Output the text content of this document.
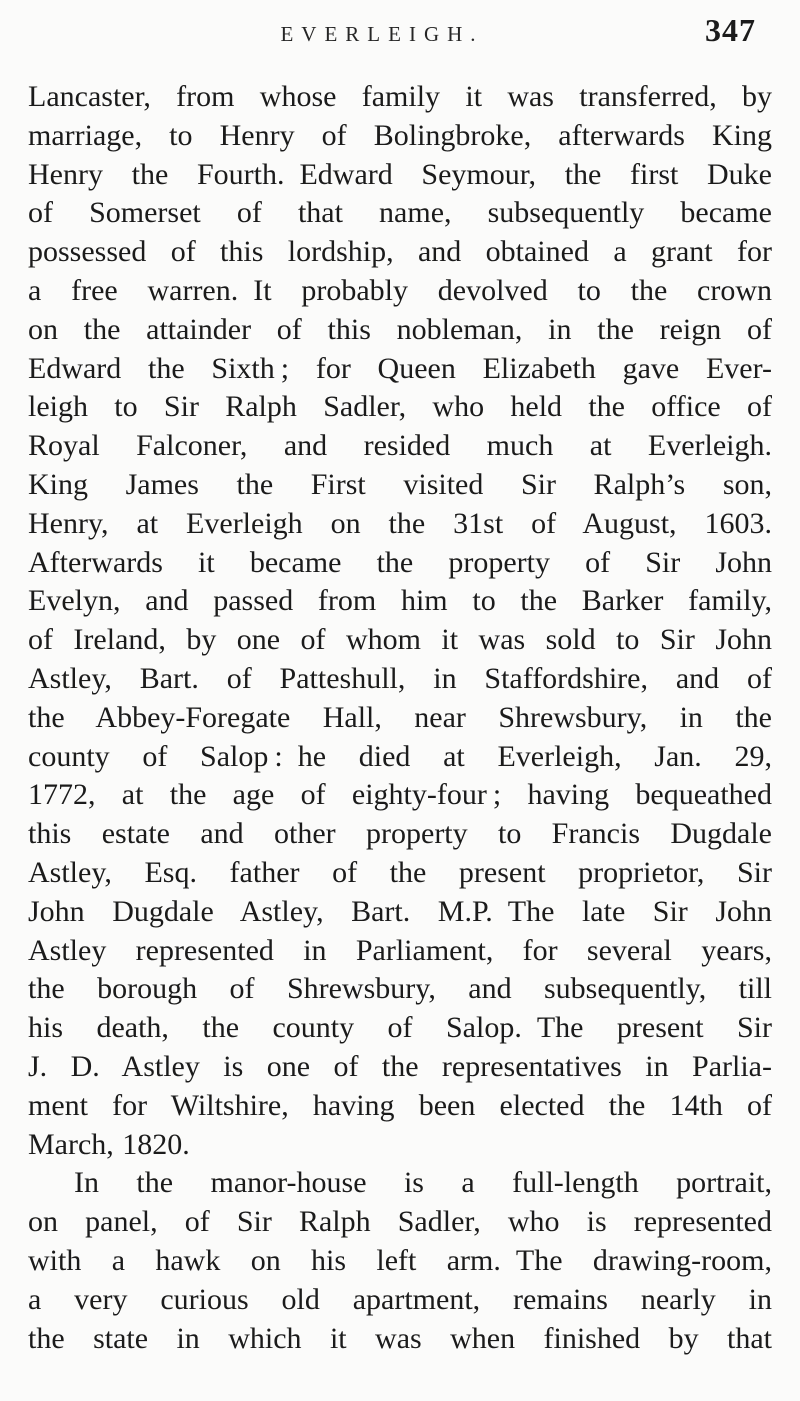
EVERLEIGH.	347
Lancaster, from whose family it was transferred, by
marriage, to Henry of Bolingbroke, afterwards King
Henry the Fourth. Edward Seymour, the first Duke
of Somerset of that name, subsequently became
possessed of this lordship, and obtained a grant for
a free warren. It probably devolved to the crown
on the attainder of this nobleman, in the reign of
Edward the Sixth ; for Queen Elizabeth gave Ever-
leigh to Sir Ralph Sadler, who held the office of
Royal Falconer, and resided much at Everleigh.
King James the First visited Sir Ralph’s son,
Henry, at Everleigh on the 31st of August, 1603.
Afterwards it became the property of Sir John
Evelyn, and passed from him to the Barker family,
of Ireland, by one of whom it was sold to Sir John
Astley, Bart. of Patteshull, in Staffordshire, and of
the Abbey-Foregate Hall, near Shrewsbury, in the
county of Salop : he died at Everleigh, Jan. 29,
1772, at the age of eighty-four ; having bequeathed
this estate and other property to Francis Dugdale
Astley, Esq. father of the present proprietor, Sir
John Dugdale Astley, Bart. M.P. The late Sir John
Astley represented in Parliament, for several years,
the borough of Shrewsbury, and subsequently, till
his death, the county of Salop. The present Sir
J. D. Astley is one of the representatives in Parlia-
ment for Wiltshire, having been elected the 14th of
March, 1820.
In the manor-house is a full-length portrait,
on panel, of Sir Ralph Sadler, who is represented
with a hawk on his left arm. The drawing-room,
a very curious old apartment, remains nearly in
the state in which it was when finished by that
